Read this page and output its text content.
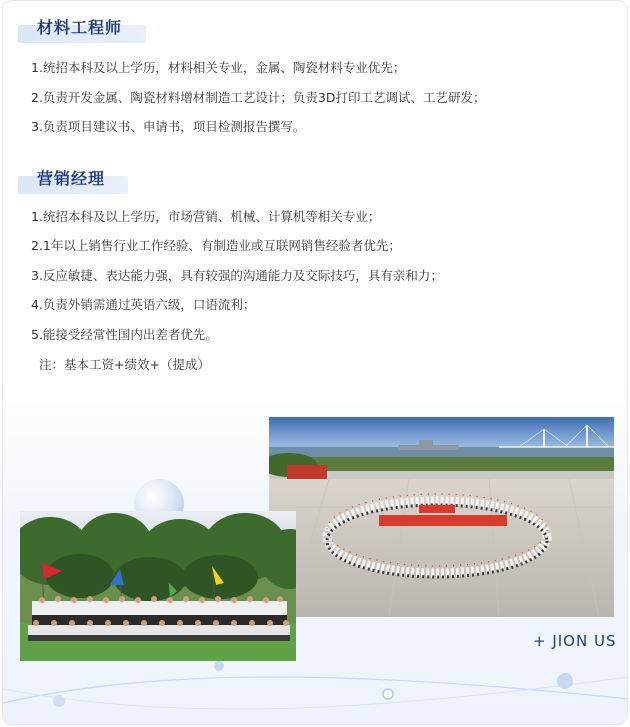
材料工程师
1.统招本科及以上学历，材料相关专业，金属、陶瓷材料专业优先；
2.负责开发金属、陶瓷材料增材制造工艺设计；负责3D打印工艺调试、工艺研发；
3.负责项目建议书、申请书，项目检测报告撰写。
营销经理
1.统招本科及以上学历，市场营销、机械、计算机等相关专业；
2.1年以上销售行业工作经验、有制造业或互联网销售经验者优先；
3.反应敏捷、表达能力强，具有较强的沟通能力及交际技巧，具有亲和力；
4.负责外销需通过英语六级，口语流利；
5.能接受经常性国内出差者优先。
注：基本工资+绩效+（提成）
+ JION US
